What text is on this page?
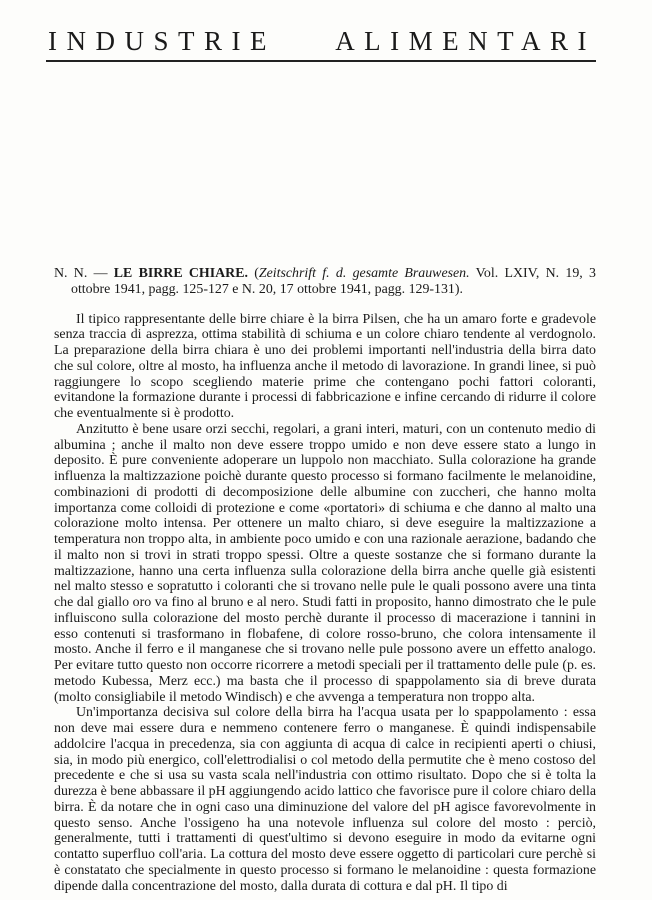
INDUSTRIE ALIMENTARI

N. N. — LE BIRRE CHIARE. (Zeitschrift f. d. gesamte Brauwesen. Vol. LXIV, N. 19, 3 ottobre 1941, pagg. 125-127 e N. 20, 17 ottobre 1941, pagg. 129-131).

Il tipico rappresentante delle birre chiare è la birra Pilsen, che ha un amaro forte e gradevole senza traccia di asprezza, ottima stabilità di schiuma e un colore chiaro tendente al verdognolo. La preparazione della birra chiara è uno dei problemi importanti nell'industria della birra dato che sul colore, oltre al mosto, ha influenza anche il metodo di lavorazione. In grandi linee, si può raggiungere lo scopo scegliendo materie prime che contengano pochi fattori coloranti, evitandone la formazione durante i processi di fabbricazione e infine cercando di ridurre il colore che eventualmente si è prodotto.

Anzitutto è bene usare orzi secchi, regolari, a grani interi, maturi, con un contenuto medio di albumina ; anche il malto non deve essere troppo umido e non deve essere stato a lungo in deposito. È pure conveniente adoperare un luppolo non macchiato. Sulla colorazione ha grande influenza la maltizzazione poichè durante questo processo si formano facilmente le melanoidine, combinazioni di prodotti di decomposizione delle albumine con zuccheri, che hanno molta importanza come colloidi di protezione e come «portatori» di schiuma e che danno al malto una colorazione molto intensa. Per ottenere un malto chiaro, si deve eseguire la maltizzazione a temperatura non troppo alta, in ambiente poco umido e con una razionale aerazione, badando che il malto non si trovi in strati troppo spessi. Oltre a queste sostanze che si formano durante la maltizzazione, hanno una certa influenza sulla colorazione della birra anche quelle già esistenti nel malto stesso e sopratutto i coloranti che si trovano nelle pule le quali possono avere una tinta che dal giallo oro va fino al bruno e al nero. Studi fatti in proposito, hanno dimostrato che le pule influiscono sulla colorazione del mosto perchè durante il processo di macerazione i tannini in esso contenuti si trasformano in flobafene, di colore rosso-bruno, che colora intensamente il mosto. Anche il ferro e il manganese che si trovano nelle pule possono avere un effetto analogo. Per evitare tutto questo non occorre ricorrere a metodi speciali per il trattamento delle pule (p. es. metodo Kubessa, Merz ecc.) ma basta che il processo di spappolamento sia di breve durata (molto consigliabile il metodo Windisch) e che avvenga a temperatura non troppo alta.

Un'importanza decisiva sul colore della birra ha l'acqua usata per lo spappolamento : essa non deve mai essere dura e nemmeno contenere ferro o manganese. È quindi indispensabile addolcire l'acqua in precedenza, sia con aggiunta di acqua di calce in recipienti aperti o chiusi, sia, in modo più energico, coll'elettrodialisi o col metodo della permutite che è meno costoso del precedente e che si usa su vasta scala nell'industria con ottimo risultato. Dopo che si è tolta la durezza è bene abbassare il pH aggiungendo acido lattico che favorisce pure il colore chiaro della birra. È da notare che in ogni caso una diminuzione del valore del pH agisce favorevolmente in questo senso. Anche l'ossigeno ha una notevole influenza sul colore del mosto : perciò, generalmente, tutti i trattamenti di quest'ultimo si devono eseguire in modo da evitarne ogni contatto superfluo coll'aria. La cottura del mosto deve essere oggetto di particolari cure perchè si è constatato che specialmente in questo processo si formano le melanoidine : questa formazione dipende dalla concentrazione del mosto, dalla durata di cottura e dal pH. Il tipo di
